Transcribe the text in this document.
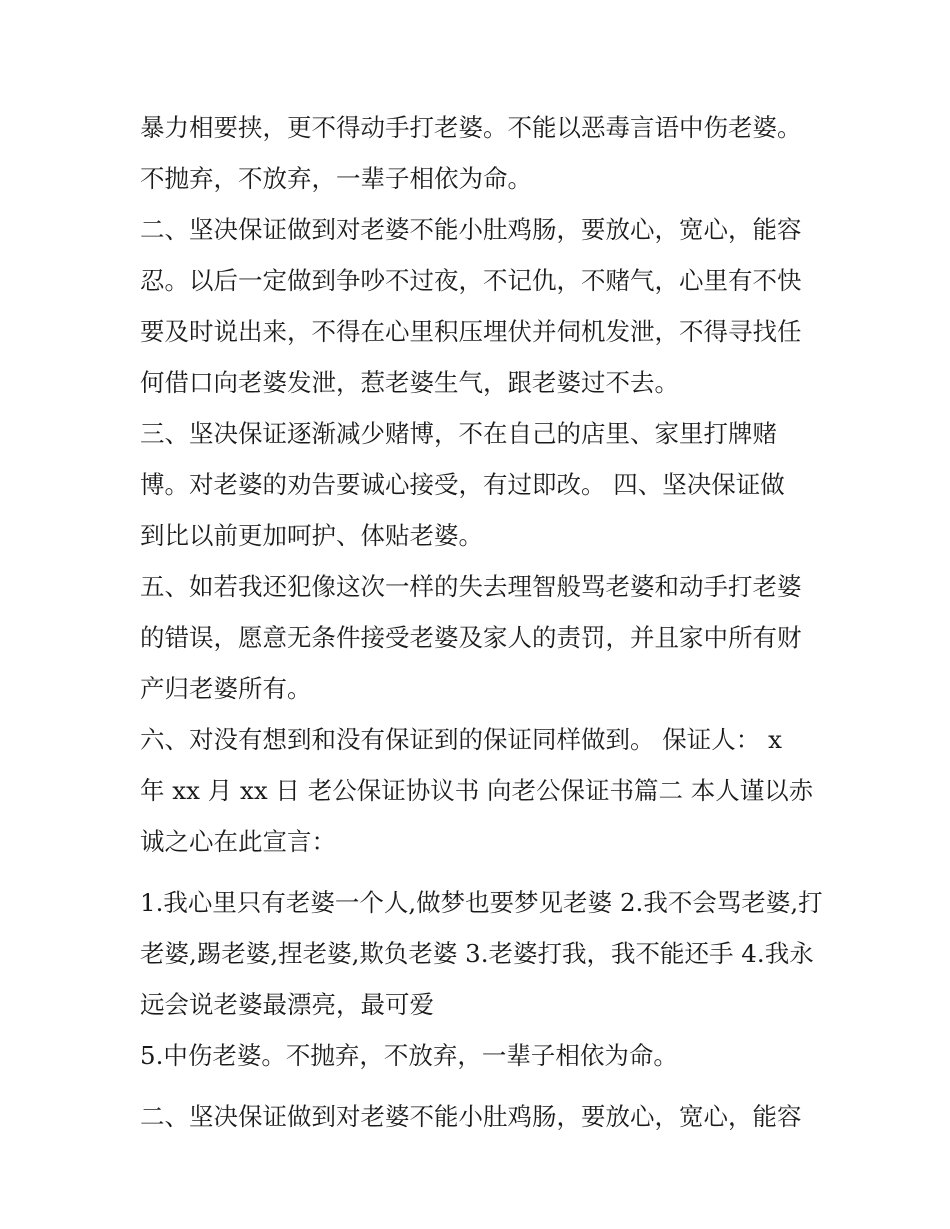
暴力相要挟，更不得动手打老婆。不能以恶毒言语中伤老婆。
不抛弃，不放弃，一辈子相依为命。
二、坚决保证做到对老婆不能小肚鸡肠，要放心，宽心，能容
忍。以后一定做到争吵不过夜，不记仇，不赌气，心里有不快
要及时说出来，不得在心里积压埋伏并伺机发泄，不得寻找任
何借口向老婆发泄，惹老婆生气，跟老婆过不去。
三、坚决保证逐渐减少赌博，不在自己的店里、家里打牌赌
博。对老婆的劝告要诚心接受，有过即改。 四、坚决保证做
到比以前更加呵护、体贴老婆。
五、如若我还犯像这次一样的失去理智般骂老婆和动手打老婆
的错误，愿意无条件接受老婆及家人的责罚，并且家中所有财
产归老婆所有。
六、对没有想到和没有保证到的保证同样做到。 保证人： x
年 xx 月 xx 日 老公保证协议书 向老公保证书篇二 本人谨以赤
诚之心在此宣言：
1.我心里只有老婆一个人,做梦也要梦见老婆 2.我不会骂老婆,打
老婆,踢老婆,捏老婆,欺负老婆 3.老婆打我，我不能还手 4.我永
远会说老婆最漂亮，最可爱
5.中伤老婆。不抛弃，不放弃，一辈子相依为命。
二、坚决保证做到对老婆不能小肚鸡肠，要放心，宽心，能容
